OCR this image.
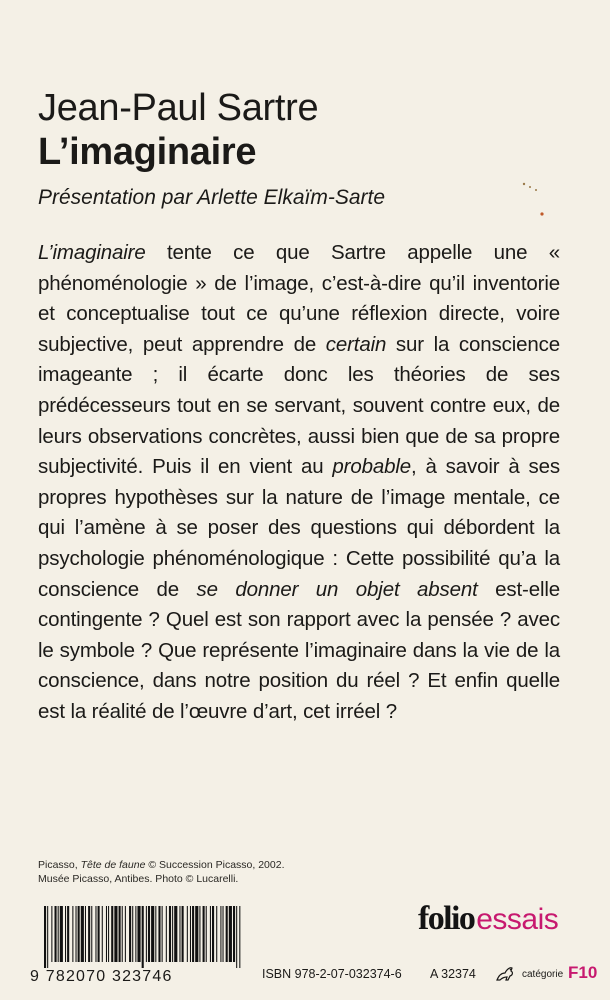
Jean-Paul Sartre
L’imaginaire
Présentation par Arlette Elkaïm-Sarte
L’imaginaire tente ce que Sartre appelle une « phénoménologie » de l’image, c’est-à-dire qu’il inventorie et conceptualise tout ce qu’une réflexion directe, voire subjective, peut apprendre de certain sur la conscience imageante ; il écarte donc les théories de ses prédécesseurs tout en se servant, souvent contre eux, de leurs observations concrètes, aussi bien que de sa propre subjectivité. Puis il en vient au probable, à savoir à ses propres hypothèses sur la nature de l’image mentale, ce qui l’amène à se poser des questions qui débordent la psychologie phénoménologique : Cette possibilité qu’a la conscience de se donner un objet absent est-elle contingente ? Quel est son rapport avec la pensée ? avec le symbole ? Que représente l’imaginaire dans la vie de la conscience, dans notre position du réel ? Et enfin quelle est la réalité de l’œuvre d’art, cet irréel ?
Picasso, Tête de faune © Succession Picasso, 2002.
Musée Picasso, Antibes. Photo © Lucarelli.
9 782070 323746
folioessais
ISBN 978-2-07-032374-6 A 32374	catégorie F10
